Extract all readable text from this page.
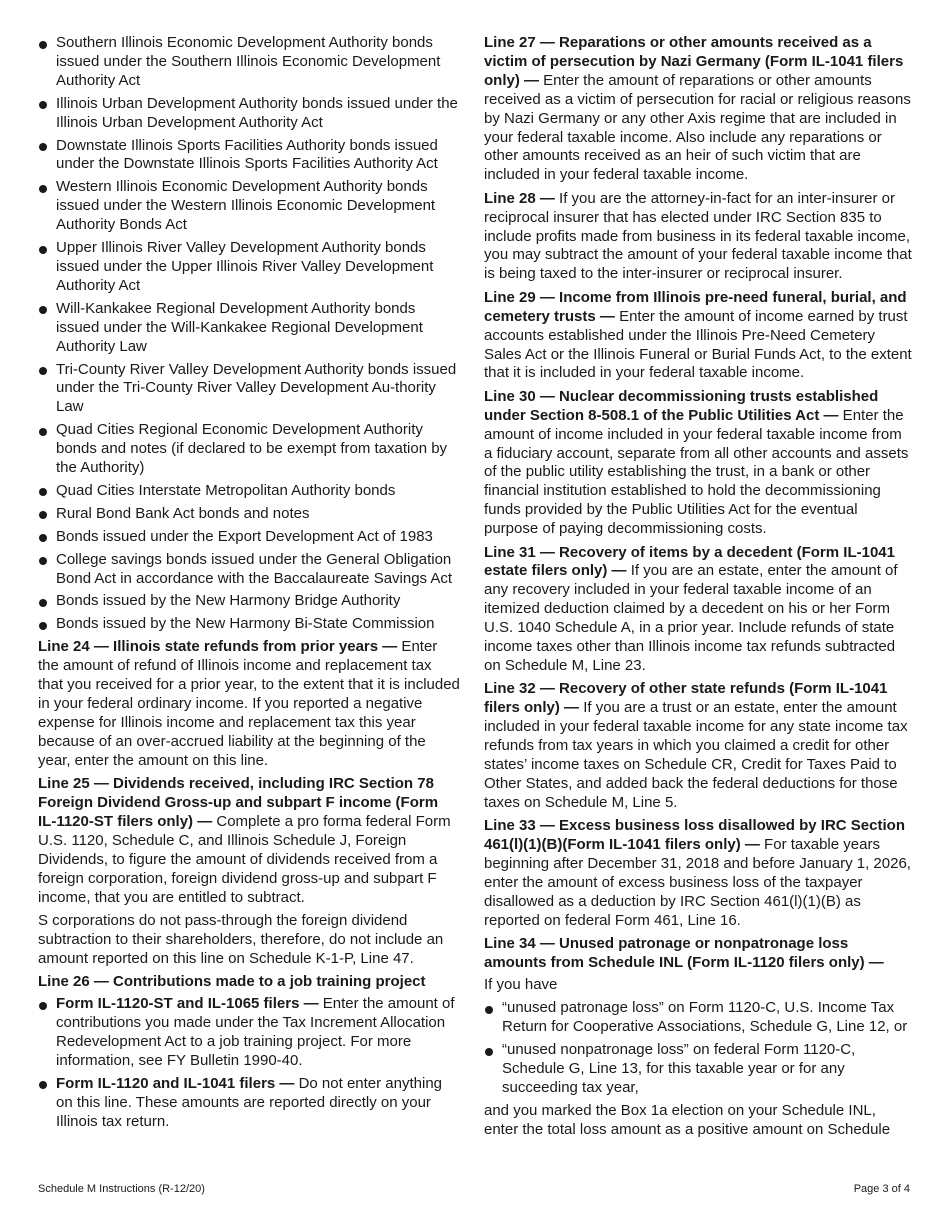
Southern Illinois Economic Development Authority bonds issued under the Southern Illinois Economic Development Authority Act
Illinois Urban Development Authority bonds issued under the Illinois Urban Development Authority Act
Downstate Illinois Sports Facilities Authority bonds issued under the Downstate Illinois Sports Facilities Authority Act
Western Illinois Economic Development Authority bonds issued under the Western Illinois Economic Development Authority Bonds Act
Upper Illinois River Valley Development Authority bonds issued under the Upper Illinois River Valley Development Authority Act
Will-Kankakee Regional Development Authority bonds issued under the Will-Kankakee Regional Development Authority Law
Tri-County River Valley Development Authority bonds issued under the Tri-County River Valley Development Au-thority Law
Quad Cities Regional Economic Development Authority bonds and notes (if declared to be exempt from taxation by the Authority)
Quad Cities Interstate Metropolitan Authority bonds
Rural Bond Bank Act bonds and notes
Bonds issued under the Export Development Act of 1983
College savings bonds issued under the General Obligation Bond Act in accordance with the Baccalaureate Savings Act
Bonds issued by the New Harmony Bridge Authority
Bonds issued by the New Harmony Bi-State Commission

Line 24 — Illinois state refunds from prior years — Enter the amount of refund of Illinois income and replacement tax that you received for a prior year, to the extent that it is included in your federal ordinary income. If you reported a negative expense for Illinois income and replacement tax this year because of an over-accrued liability at the beginning of the year, enter the amount on this line.

Line 25 — Dividends received, including IRC Section 78 Foreign Dividend Gross-up and subpart F income (Form IL-1120-ST filers only) — Complete a pro forma federal Form U.S. 1120, Schedule C, and Illinois Schedule J, Foreign Dividends, to figure the amount of dividends received from a foreign corporation, foreign dividend gross-up and subpart F income, that you are entitled to subtract.

S corporations do not pass-through the foreign dividend subtraction to their shareholders, therefore, do not include an amount reported on this line on Schedule K-1-P, Line 47.

Line 26 — Contributions made to a job training project

Form IL-1120-ST and IL-1065 filers — Enter the amount of contributions you made under the Tax Increment Allocation Redevelopment Act to a job training project. For more information, see FY Bulletin 1990-40.
Form IL-1120 and IL-1041 filers — Do not enter anything on this line. These amounts are reported directly on your Illinois tax return.

Line 27 — Reparations or other amounts received as a victim of persecution by Nazi Germany (Form IL-1041 filers only) — Enter the amount of reparations or other amounts received as a victim of persecution for racial or religious reasons by Nazi Germany or any other Axis regime that are included in your federal taxable income. Also include any reparations or other amounts received as an heir of such victim that are included in your federal taxable income.

Line 28 — If you are the attorney-in-fact for an inter-insurer or reciprocal insurer that has elected under IRC Section 835 to include profits made from business in its federal taxable income, you may subtract the amount of your federal taxable income that is being taxed to the inter-insurer or reciprocal insurer.

Line 29 — Income from Illinois pre-need funeral, burial, and cemetery trusts — Enter the amount of income earned by trust accounts established under the Illinois Pre-Need Cemetery Sales Act or the Illinois Funeral or Burial Funds Act, to the extent that it is included in your federal taxable income.

Line 30 — Nuclear decommissioning trusts established under Section 8-508.1 of the Public Utilities Act — Enter the amount of income included in your federal taxable income from a fiduciary account, separate from all other accounts and assets of the public utility establishing the trust, in a bank or other financial institution established to hold the decommissioning funds provided by the Public Utilities Act for the eventual purpose of paying decommissioning costs.

Line 31 — Recovery of items by a decedent (Form IL-1041 estate filers only) — If you are an estate, enter the amount of any recovery included in your federal taxable income of an itemized deduction claimed by a decedent on his or her Form U.S. 1040 Schedule A, in a prior year. Include refunds of state income taxes other than Illinois income tax refunds subtracted on Schedule M, Line 23.

Line 32 — Recovery of other state refunds (Form IL-1041 filers only) — If you are a trust or an estate, enter the amount included in your federal taxable income for any state income tax refunds from tax years in which you claimed a credit for other states’ income taxes on Schedule CR, Credit for Taxes Paid to Other States, and added back the federal deductions for those taxes on Schedule M, Line 5.

Line 33 — Excess business loss disallowed by IRC Section 461(l)(1)(B)(Form IL-1041 filers only) — For taxable years beginning after December 31, 2018 and before January 1, 2026, enter the amount of excess business loss of the taxpayer disallowed as a deduction by IRC Section 461(l)(1)(B) as reported on federal Form 461, Line 16.

Line 34 — Unused patronage or nonpatronage loss amounts from Schedule INL (Form IL-1120 filers only) —

If you have

“unused patronage loss” on Form 1120-C, U.S. Income Tax Return for Cooperative Associations, Schedule G, Line 12, or
“unused nonpatronage loss” on federal Form 1120-C, Schedule G, Line 13, for this taxable year or for any succeeding tax year,

and you marked the Box 1a election on your Schedule INL, enter the total loss amount as a positive amount on Schedule

Schedule M Instructions (R-12/20)	Page 3 of 4
